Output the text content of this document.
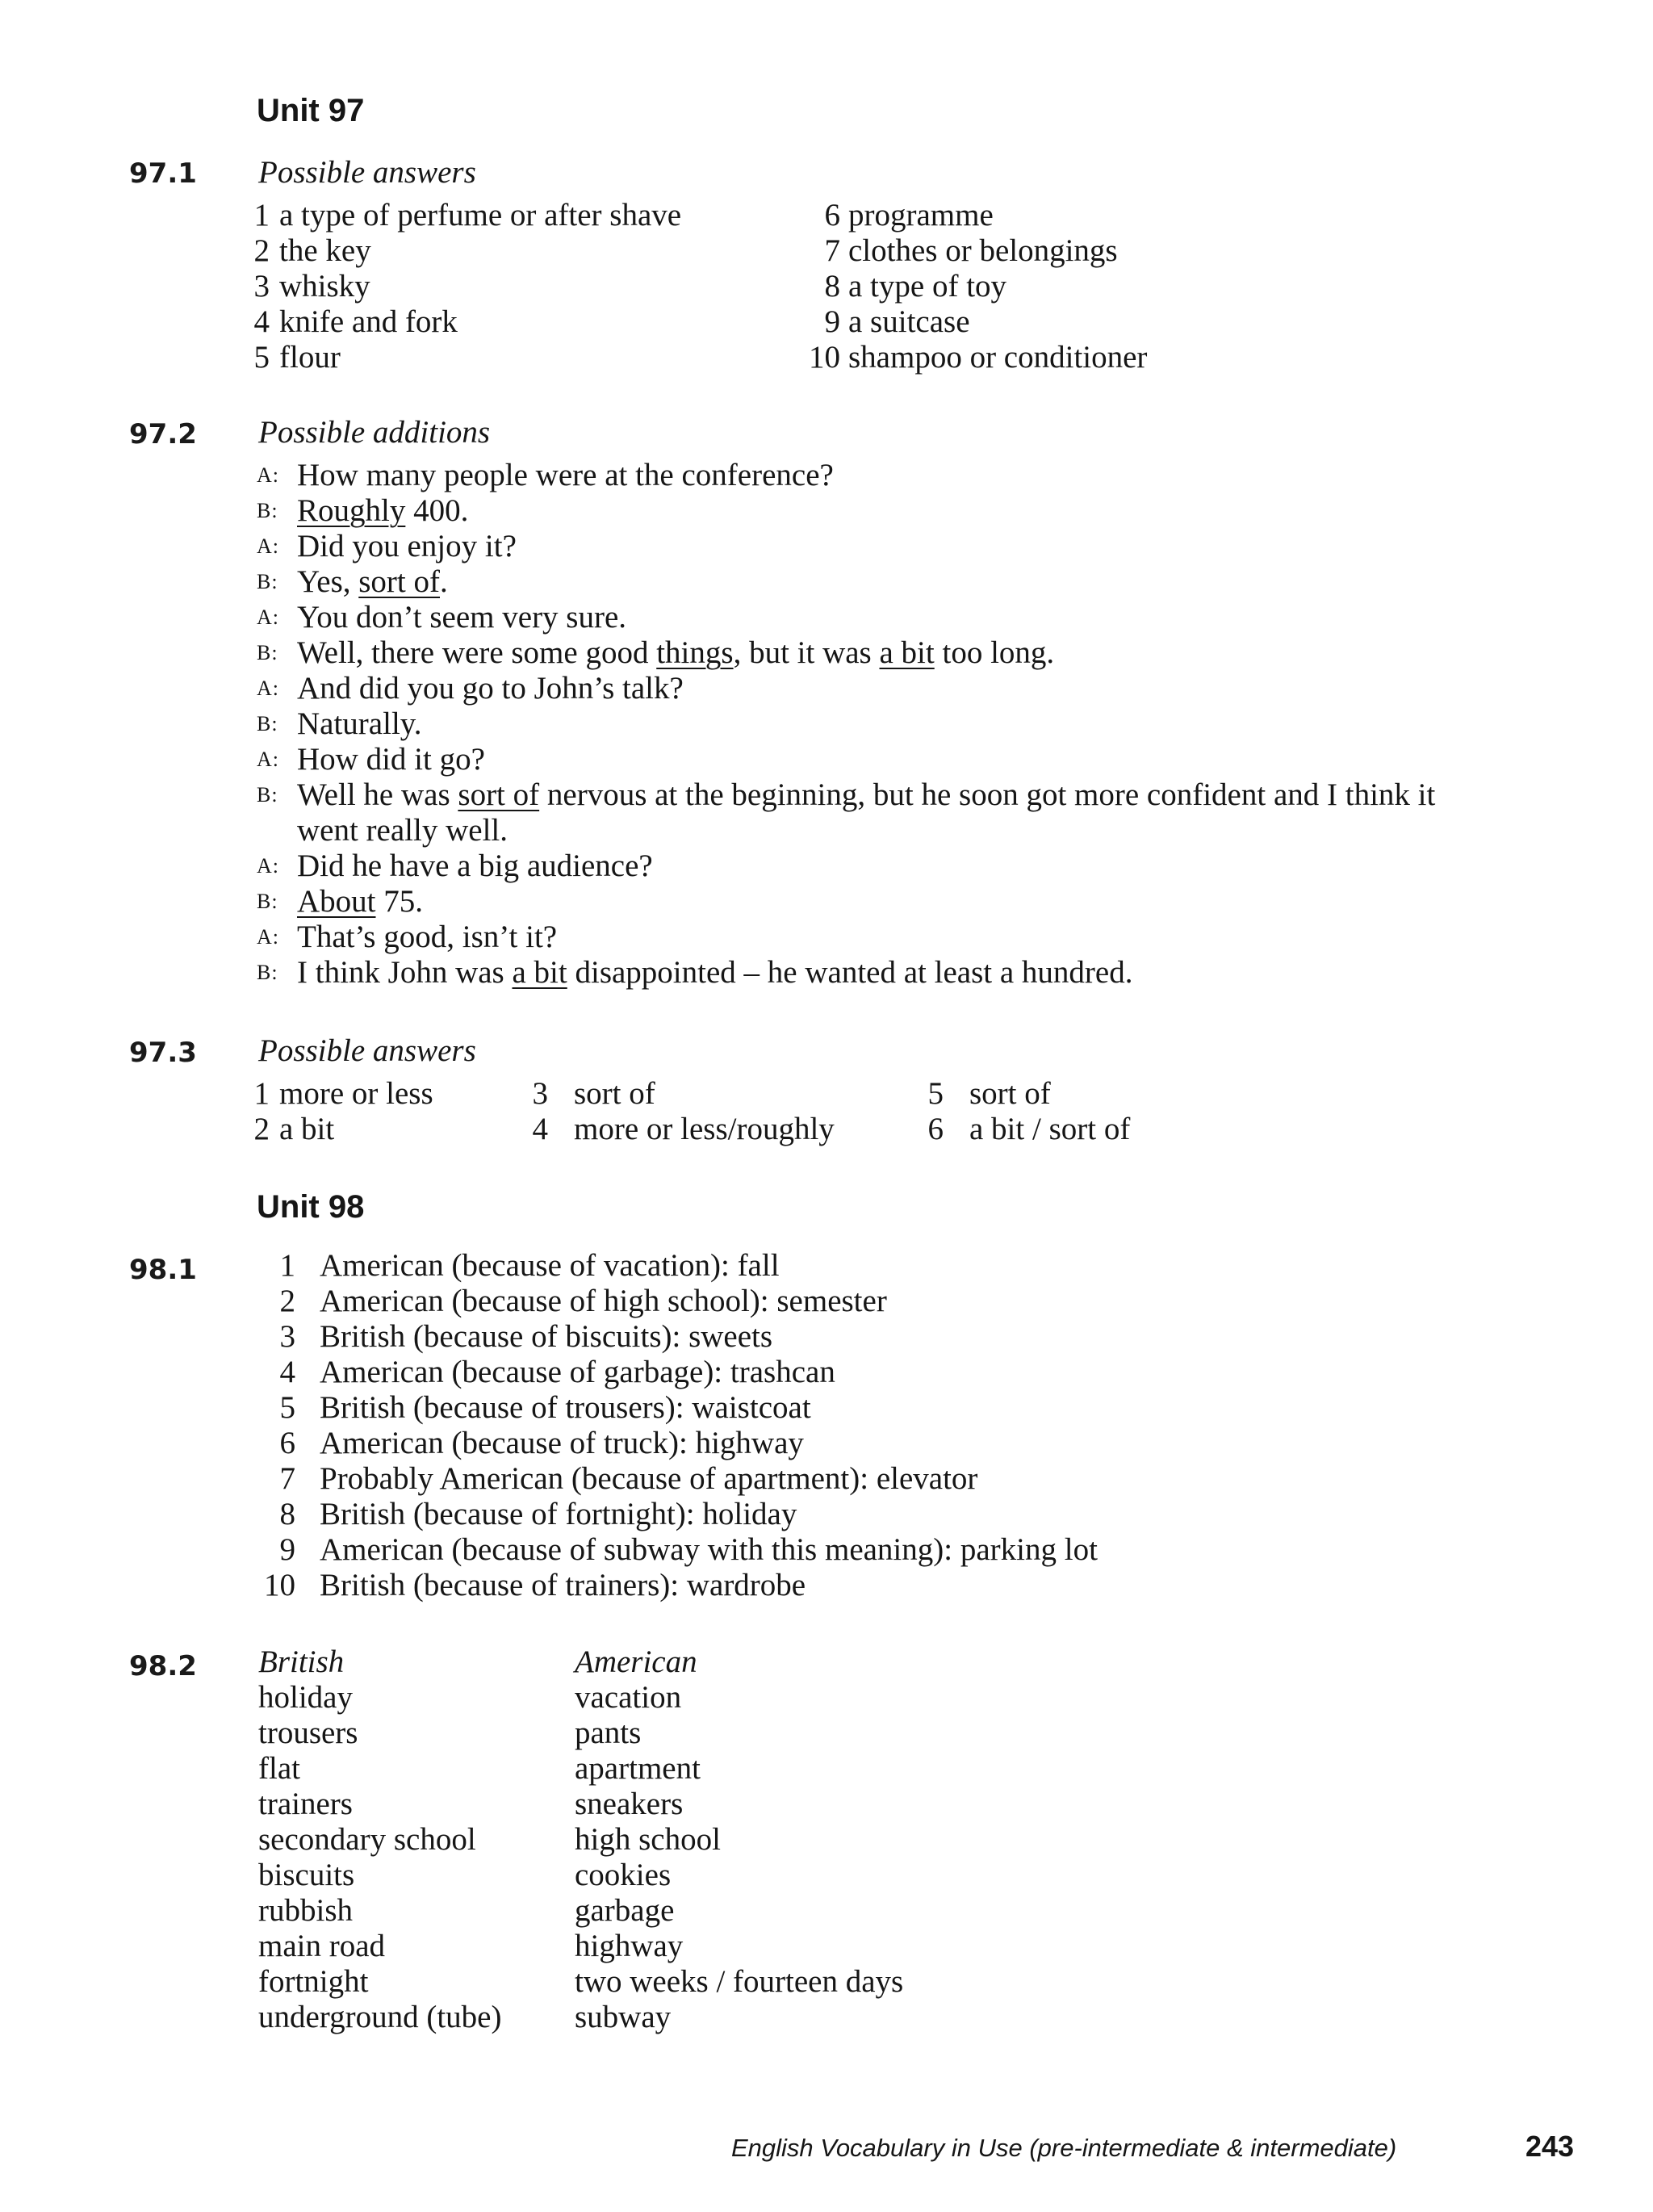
Unit 97
97.1 Possible answers
1 a type of perfume or after shave
2 the key
3 whisky
4 knife and fork
5 flour
6 programme
7 clothes or belongings
8 a type of toy
9 a suitcase
10 shampoo or conditioner
97.2 Possible additions
A: How many people were at the conference?
B: Roughly 400.
A: Did you enjoy it?
B: Yes, sort of.
A: You don’t seem very sure.
B: Well, there were some good things, but it was a bit too long.
A: And did you go to John’s talk?
B: Naturally.
A: How did it go?
B: Well he was sort of nervous at the beginning, but he soon got more confident and I think it
went really well.
A: Did he have a big audience?
B: About 75.
A: That’s good, isn’t it?
B: I think John was a bit disappointed – he wanted at least a hundred.
97.3 Possible answers
1 more or less
2 a bit
3 sort of
4 more or less/roughly
5 sort of
6 a bit / sort of
Unit 98
98.1	1 American (because of vacation): fall
2 American (because of high school): semester
3 British (because of biscuits): sweets
4 American (because of garbage): trashcan
5 British (because of trousers): waistcoat
6 American (because of truck): highway
7 Probably American (because of apartment): elevator
8 British (because of fortnight): holiday
9 American (because of subway with this meaning): parking lot
10 British (because of trainers): wardrobe
98.2 British	American
holiday	vacation
trousers	pants
flat	apartment
trainers	sneakers
secondary school	high school
biscuits	cookies
rubbish	garbage
main road	highway
fortnight	two weeks / fourteen days
underground (tube) subway
English Vocabulary in Use (pre-intermediate & intermediate)	243
